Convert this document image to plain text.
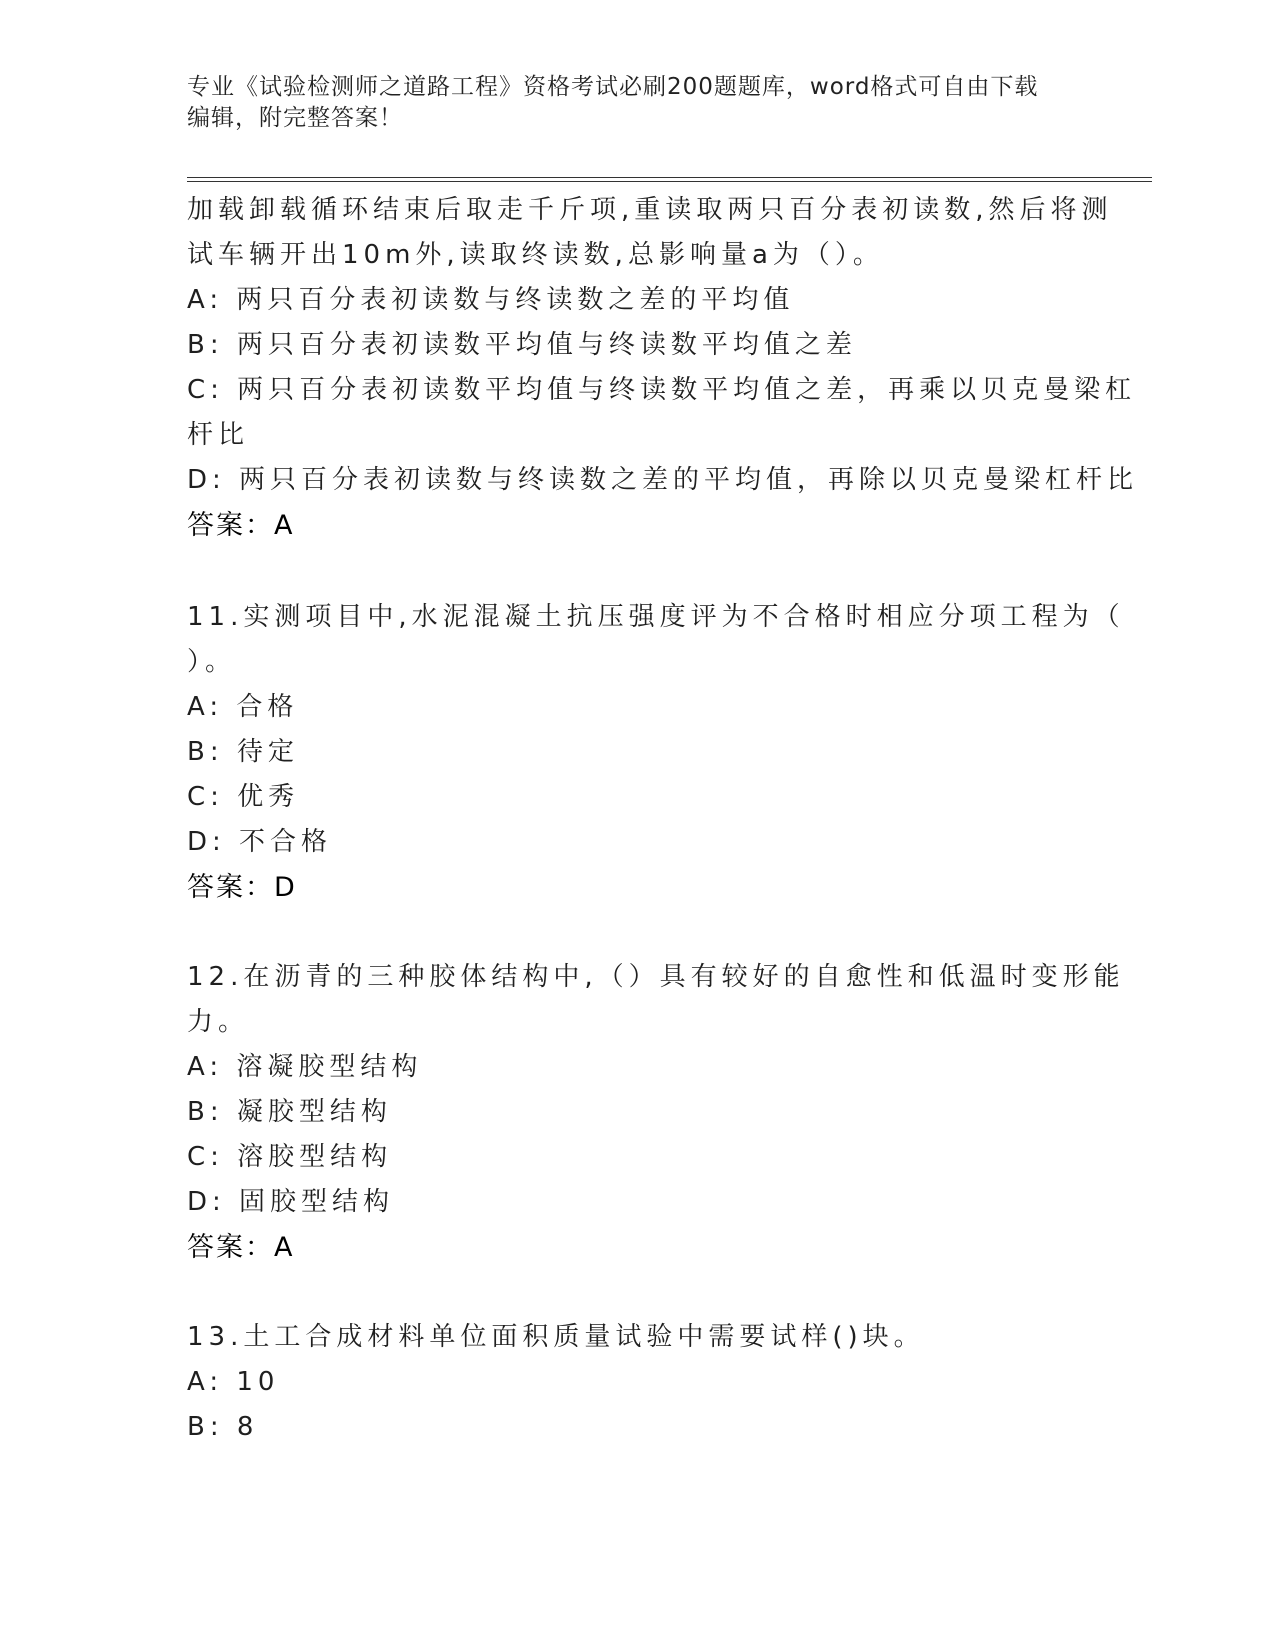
专业《试验检测师之道路工程》资格考试必刷200题题库，word格式可自由下载
编辑，附完整答案！
加载卸载循环结束后取走千斤项,重读取两只百分表初读数,然后将测
试车辆开出10m外,读取终读数,总影响量a为（）。
A: 两只百分表初读数与终读数之差的平均值
B: 两只百分表初读数平均值与终读数平均值之差
C: 两只百分表初读数平均值与终读数平均值之差，再乘以贝克曼梁杠
杆比
D: 两只百分表初读数与终读数之差的平均值，再除以贝克曼梁杠杆比
答案：A
11.实测项目中,水泥混凝土抗压强度评为不合格时相应分项工程为（
）。
A: 合格
B: 待定
C: 优秀
D: 不合格
答案：D
12.在沥青的三种胶体结构中,（）具有较好的自愈性和低温时变形能
力。
A: 溶凝胶型结构
B: 凝胶型结构
C: 溶胶型结构
D: 固胶型结构
答案：A
13.土工合成材料单位面积质量试验中需要试样()块。
A: 10
B: 8
